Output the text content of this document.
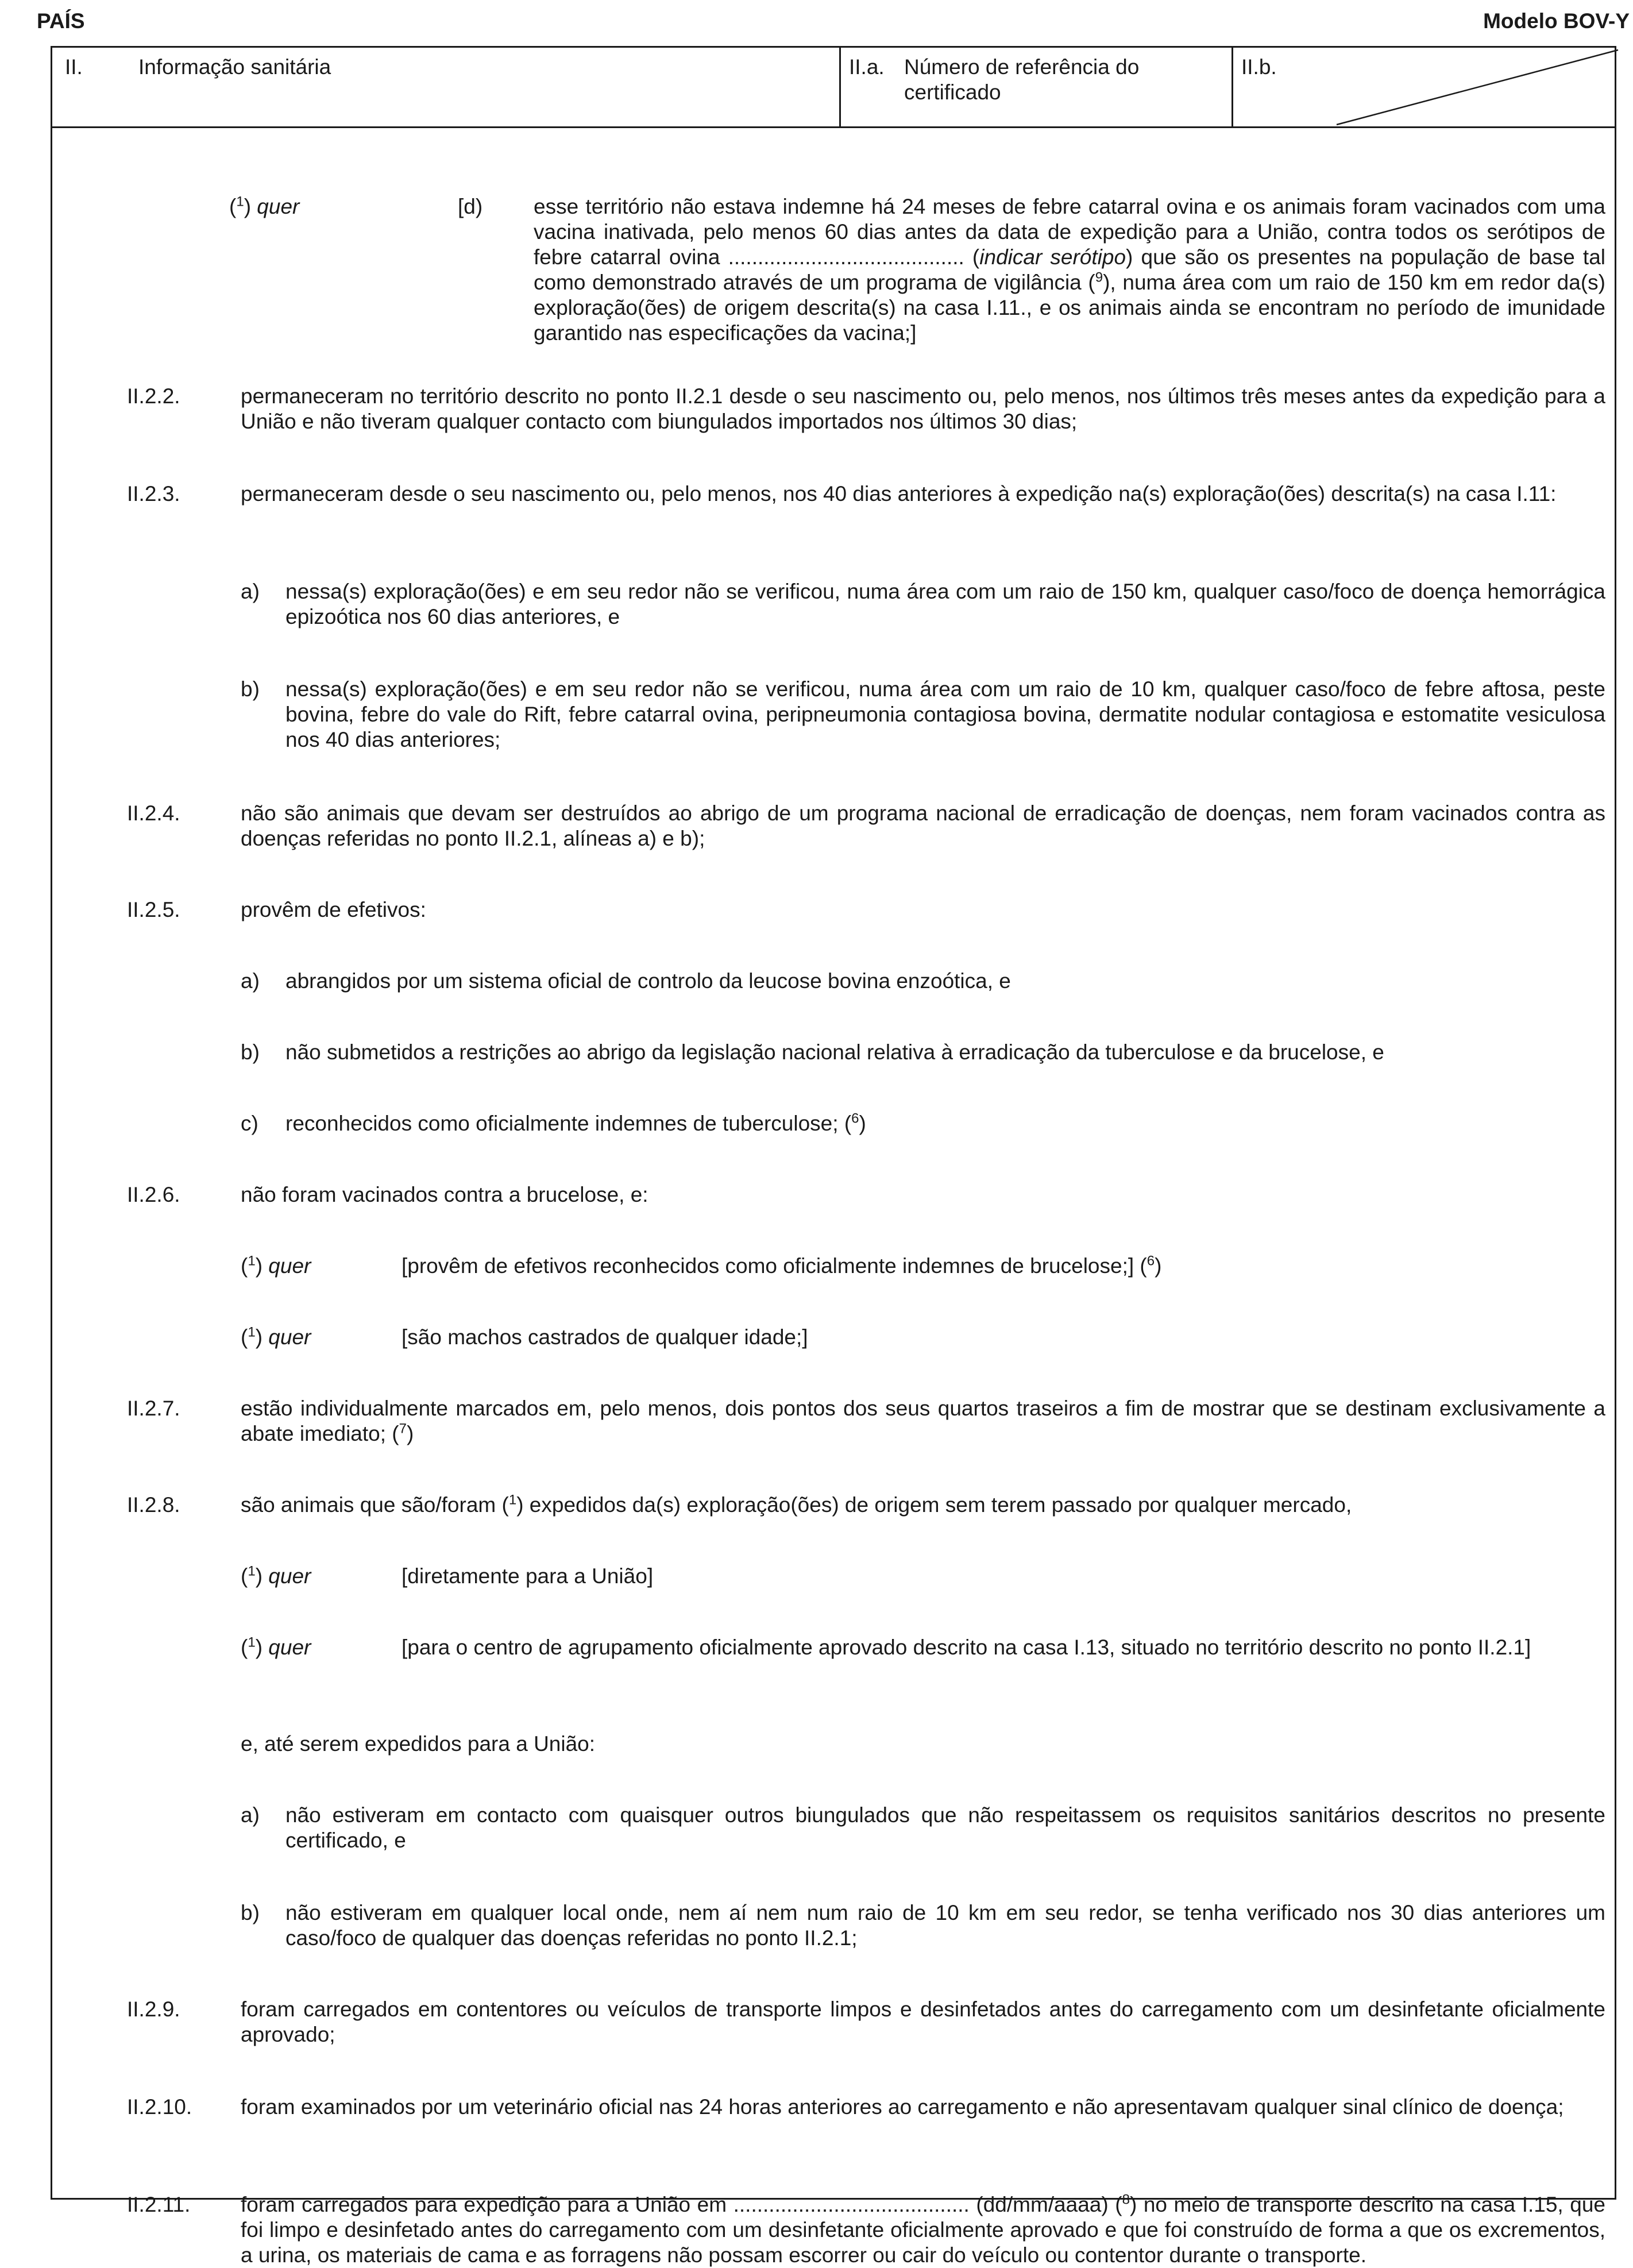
PAÍS	Modelo BOV-Y
II.	Informação sanitária	II.a. Número de referência do certificado
II.b.
($^1$) quer	[d) esse território não estava indemne há 24 meses de febre catarral ovina e os animais foram vacinados com uma vacina inativada, pelo menos 60 dias antes da data de expedição para a União, contra todos os serótipos de febre catarral ovina ........................................ (indicar serótipo) que são os presentes na população de base tal como demonstrado através de um programa de vigilância ($^9$), numa área com um raio de 150 km em redor da(s) exploração(ões) de origem descrita(s) na casa I.11., e os animais ainda se encontram no período de imunidade garantido nas especificações da vacina;]
II.2.2.	permaneceram no território descrito no ponto II.2.1 desde o seu nascimento ou, pelo menos, nos últimos três meses antes da expedição para a União e não tiveram qualquer contacto com biungulados importados nos últimos 30 dias;
II.2.3.	permaneceram desde o seu nascimento ou, pelo menos, nos 40 dias anteriores à expedição na(s) exploração(ões) descrita(s) na casa I.11:
a) nessa(s) exploração(ões) e em seu redor não se verificou, numa área com um raio de 150 km, qualquer caso/foco de doença hemorrágica epizoótica nos 60 dias anteriores, e
b) nessa(s) exploração(ões) e em seu redor não se verificou, numa área com um raio de 10 km, qualquer caso/foco de febre aftosa, peste bovina, febre do vale do Rift, febre catarral ovina, peripneumonia contagiosa bovina, dermatite nodular contagiosa e estomatite vesiculosa nos 40 dias anteriores;
II.2.4.	não são animais que devam ser destruídos ao abrigo de um programa nacional de erradicação de doenças, nem foram vacinados contra as doenças referidas no ponto II.2.1, alíneas a) e b);
II.2.5.	provêm de efetivos:
a) abrangidos por um sistema oficial de controlo da leucose bovina enzoótica, e
b) não submetidos a restrições ao abrigo da legislação nacional relativa à erradicação da tuberculose e da brucelose, e
c) reconhecidos como oficialmente indemnes de tuberculose; ($^6$)
II.2.6.	não foram vacinados contra a brucelose, e:
($^1$) quer	[provêm de efetivos reconhecidos como oficialmente indemnes de brucelose;] ($^6$)
($^1$) quer	[são machos castrados de qualquer idade;]
II.2.7.	estão individualmente marcados em, pelo menos, dois pontos dos seus quartos traseiros a fim de mostrar que se destinam exclusivamente a abate imediato; ($^7$)
II.2.8.	são animais que são/foram ($^1$) expedidos da(s) exploração(ões) de origem sem terem passado por qualquer mercado,
($^1$) quer	[diretamente para a União]
($^1$) quer	[para o centro de agrupamento oficialmente aprovado descrito na casa I.13, situado no território descrito no ponto II.2.1]
e, até serem expedidos para a União:
a) não estiveram em contacto com quaisquer outros biungulados que não respeitassem os requisitos sanitários descritos no presente certificado, e
b) não estiveram em qualquer local onde, nem aí nem num raio de 10 km em seu redor, se tenha verificado nos 30 dias anteriores um caso/foco de qualquer das doenças referidas no ponto II.2.1;
II.2.9.	foram carregados em contentores ou veículos de transporte limpos e desinfetados antes do carregamento com um desinfetante oficialmente aprovado;
II.2.10. foram examinados por um veterinário oficial nas 24 horas anteriores ao carregamento e não apresentavam qualquer sinal clínico de doença;
II.2.11. foram carregados para expedição para a União em ........................................ (dd/mm/aaaa) ($^8$) no meio de transporte descrito na casa I.15, que foi limpo e desinfetado antes do carregamento com um desinfetante oficialmente aprovado e que foi construído de forma a que os excrementos, a urina, os materiais de cama e as forragens não possam escorrer ou cair do veículo ou contentor durante o transporte.
